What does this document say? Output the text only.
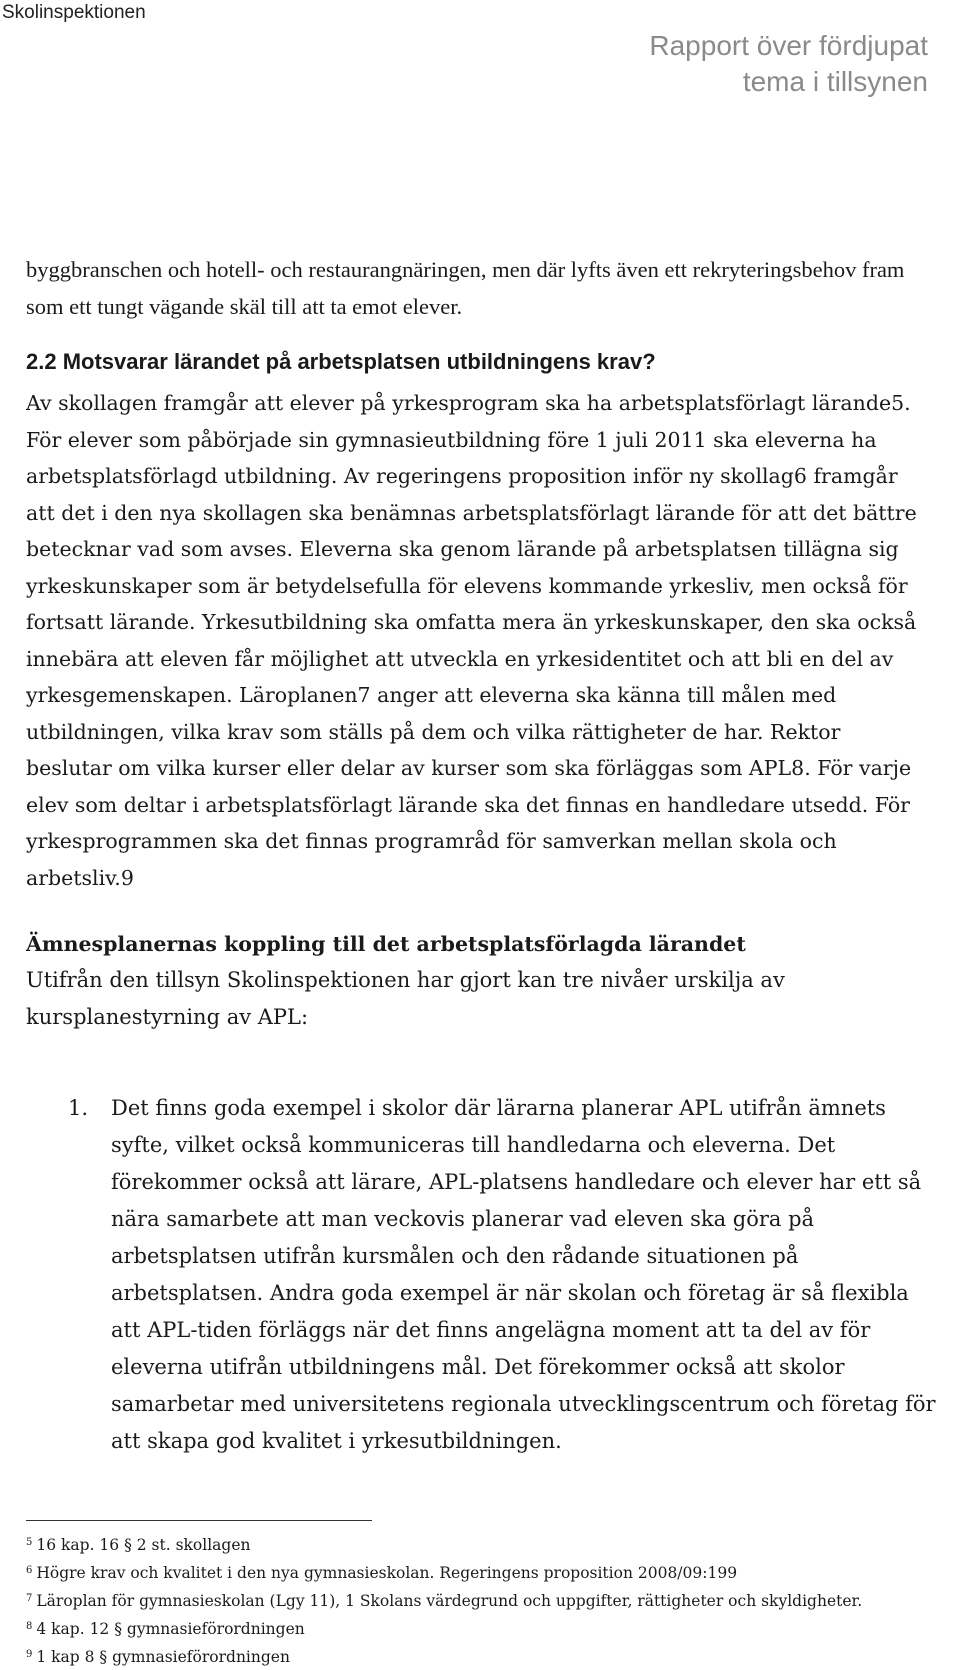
Skolinspektionen
Rapport över fördjupat
tema i tillsynen

byggbranschen och hotell- och restaurangnäringen, men där lyfts även ett rekryteringsbehov fram som ett tungt vägande skäl till att ta emot elever.

2.2 Motsvarar lärandet på arbetsplatsen utbildningens krav?

Av skollagen framgår att elever på yrkesprogram ska ha arbetsplatsförlagt lärande5. För elever som påbörjade sin gymnasieutbildning före 1 juli 2011 ska eleverna ha arbetsplatsförlagd utbildning. Av regeringens proposition inför ny skollag6 framgår att det i den nya skollagen ska benämnas arbetsplatsförlagt lärande för att det bättre betecknar vad som avses. Eleverna ska genom lärande på arbetsplatsen tillägna sig yrkeskunskaper som är betydelsefulla för elevens kommande yrkesliv, men också för fortsatt lärande. Yrkesutbildning ska omfatta mera än yrkeskunskaper, den ska också innebära att eleven får möjlighet att utveckla en yrkesidentitet och att bli en del av yrkesgemenskapen. Läroplanen7 anger att eleverna ska känna till målen med utbildningen, vilka krav som ställs på dem och vilka rättigheter de har. Rektor beslutar om vilka kurser eller delar av kurser som ska förläggas som APL8. För varje elev som deltar i arbetsplatsförlagt lärande ska det finnas en handledare utsedd. För yrkesprogrammen ska det finnas programråd för samverkan mellan skola och arbetsliv.9

Ämnesplanernas koppling till det arbetsplatsförlagda lärandet

Utifrån den tillsyn Skolinspektionen har gjort kan tre nivåer urskilja av kursplanestyrning av APL:

1. Det finns goda exempel i skolor där lärarna planerar APL utifrån ämnets syfte, vilket också kommuniceras till handledarna och eleverna. Det förekommer också att lärare, APL-platsens handledare och elever har ett så nära samarbete att man veckovis planerar vad eleven ska göra på arbetsplatsen utifrån kursmålen och den rådande situationen på arbetsplatsen. Andra goda exempel är när skolan och företag är så flexibla att APL-tiden förläggs när det finns angelägna moment att ta del av för eleverna utifrån utbildningens mål. Det förekommer också att skolor samarbetar med universitetens regionala utvecklingscentrum och företag för att skapa god kvalitet i yrkesutbildningen.

$^5$ 16 kap. 16 § 2 st. skollagen
$^6$ Högre krav och kvalitet i den nya gymnasieskolan. Regeringens proposition 2008/09:199
$^7$ Läroplan för gymnasieskolan (Lgy 11), 1 Skolans värdegrund och uppgifter, rättigheter och skyldigheter.
$^8$ 4 kap. 12 § gymnasieförordningen
$^9$ 1 kap 8 § gymnasieförordningen
